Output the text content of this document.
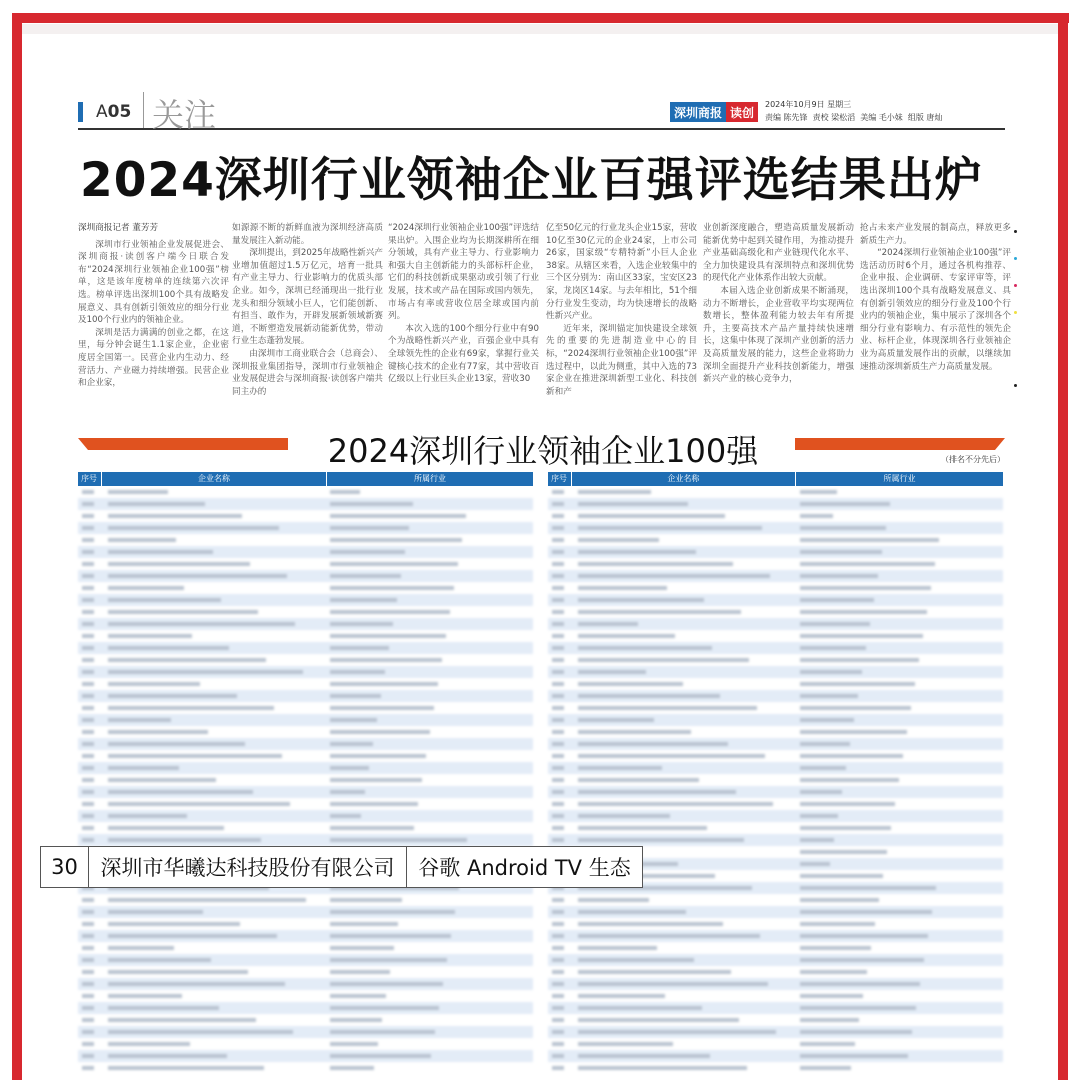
A05 关注	深圳商报 读创
2024年10月9日 星期三
责编 陈先锋  责校 梁松滔  美编 毛小妹  组版 唐灿
2024深圳行业领袖企业百强评选结果出炉

深圳商报记者 董芳芳

深圳市行业领袖企业发展促进会、深圳商报·读创客户端今日联合发布“2024深圳行业领袖企业100强”榜单，这是该年度榜单的连续第六次评选。榜单评选出深圳100个具有战略发展意义、具有创新引领效应的细分行业及100个行业内的领袖企业。

深圳是活力满满的创业之都，在这里，每分钟会诞生1.1家企业，企业密度居全国第一。民营企业内生动力、经营活力、产业磁力持续增强。民营企业和企业家，

如源源不断的新鲜血液为深圳经济高质量发展注入新动能。

深圳提出，到2025年战略性新兴产业增加值超过1.5万亿元，培育一批具有产业主导力、行业影响力的优质头部企业。如今，深圳已经涌现出一批行业龙头和细分领域小巨人，它们能创新、有担当、敢作为，开辟发展新领域新赛道，不断塑造发展新动能新优势，带动行业生态蓬勃发展。

由深圳市工商业联合会（总商会）、深圳报业集团指导，深圳市行业领袖企业发展促进会与深圳商报·读创客户端共同主办的

“2024深圳行业领袖企业100强”评选结果出炉。入围企业均为长期深耕所在细分领域，具有产业主导力、行业影响力和强大自主创新能力的头部标杆企业，它们的科技创新成果驱动或引领了行业发展，技术或产品在国际或国内领先，市场占有率或营收位居全球或国内前列。

本次入选的100个细分行业中有90个为战略性新兴产业，百强企业中具有全球领先性的企业有69家，掌握行业关键核心技术的企业有77家，其中营收百亿级以上行业巨头企业13家，营收30

亿至50亿元的行业龙头企业15家，营收10亿至30亿元的企业24家，上市公司26家，国家级“专精特新”小巨人企业38家。从辖区来看，入选企业较集中的三个区分别为：南山区33家，宝安区23家，龙岗区14家。与去年相比，51个细分行业发生变动，均为快速增长的战略性新兴产业。

近年来，深圳锚定加快建设全球领先的重要的先进制造业中心的目标，“2024深圳行业领袖企业100强”评选过程中，以此为侧重，其中入选的73家企业在推进深圳新型工业化、科技创新和产

业创新深度融合，塑造高质量发展新动能新优势中起到关键作用，为推动提升产业基础高级化和产业链现代化水平、全力加快建设具有深圳特点和深圳优势的现代化产业体系作出较大贡献。

本届入选企业创新成果不断涌现，动力不断增长，企业营收平均实现两位数增长，整体盈利能力较去年有所提升，主要高技术产品产量持续快速增长，这集中体现了深圳产业创新的活力及高质量发展的能力，这些企业将助力深圳全面提升产业科技创新能力，增强新兴产业的核心竞争力，

抢占未来产业发展的制高点，释放更多新质生产力。

“2024深圳行业领袖企业100强”评选活动历时6个月，通过各机构推荐、企业申报、企业调研、专家评审等，评选出深圳100个具有战略发展意义、具有创新引领效应的细分行业及100个行业内的领袖企业，集中展示了深圳各个细分行业有影响力、有示范性的领先企业、标杆企业，体现深圳各行业领袖企业为高质量发展作出的贡献，以继续加速推动深圳新质生产力高质量发展。

2024深圳行业领袖企业100强	（排名不分先后）
序号	企业名称	所属行业	序号	企业名称	所属行业
30	深圳市华曦达科技股份有限公司	谷歌 Android TV 生态
